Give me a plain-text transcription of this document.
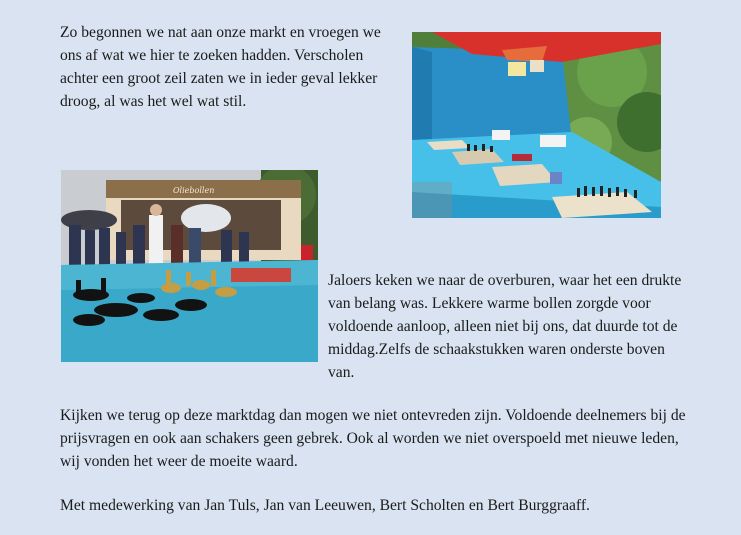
Zo begonnen we nat aan onze markt en vroegen we ons af wat we hier te zoeken hadden. Verscholen achter een groot zeil zaten we in ieder geval lekker droog, al was het wel wat stil.

Oliebollen

Jaloers keken we naar de overburen, waar het een drukte van belang was. Lekkere warme bollen zorgde voor voldoende aanloop, alleen niet bij ons, dat duurde tot de middag.Zelfs de schaakstukken waren onderste boven van.

Kijken we terug op deze marktdag dan mogen we niet ontevreden zijn. Voldoende deelnemers bij de prijsvragen en ook aan schakers geen gebrek. Ook al worden we niet overspoeld met nieuwe leden, wij vonden het weer de moeite waard.

Met medewerking van Jan Tuls, Jan van Leeuwen, Bert Scholten en Bert Burggraaff.
